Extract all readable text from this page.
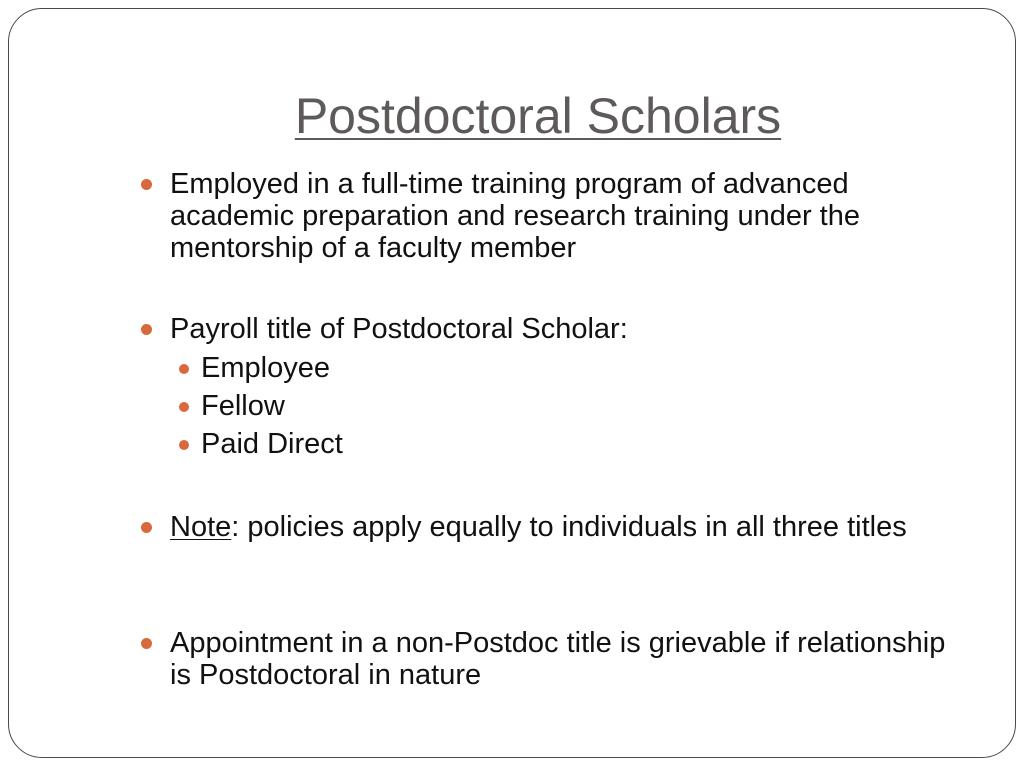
Postdoctoral Scholars
Employed in a full-time training program of advanced academic preparation and research training under the mentorship of a faculty member
Payroll title of Postdoctoral Scholar:
Employee
Fellow
Paid Direct
Note: policies apply equally to individuals in all three titles
Appointment in a non-Postdoc title is grievable if relationship is Postdoctoral in nature
